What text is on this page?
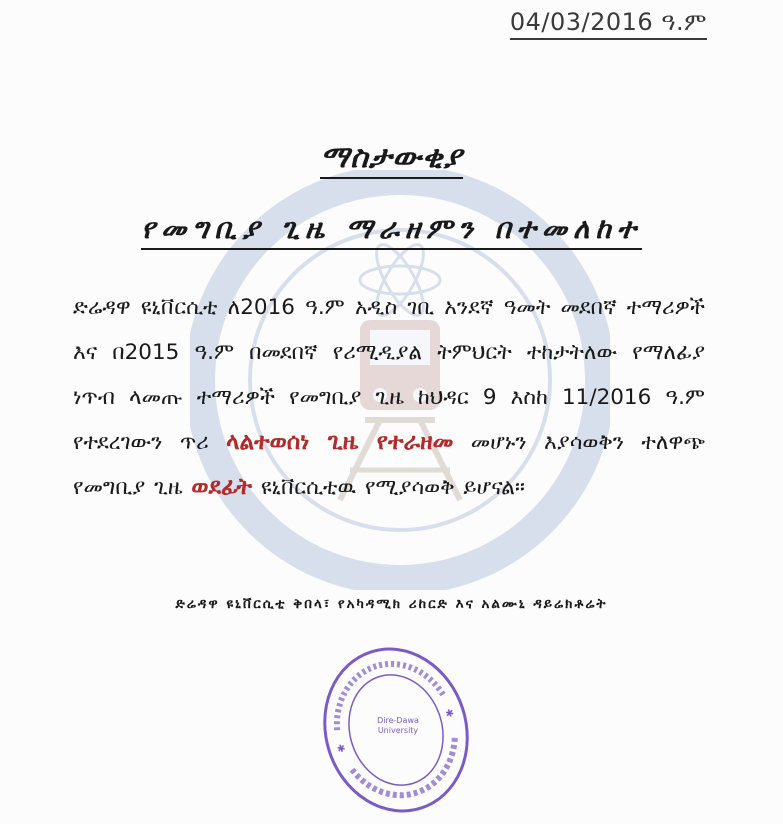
04/03/2016 ዓ.ም
ማስታውቂያ
የመግቢያ ጊዜ ማራዘምን በተመለከተ
ድሬዳዋ ዩኒቨርሲቲ ለ2016 ዓ.ም አዲስ ገቢ አንደኛ ዓመት መደበኛ ተማሪዎች እና በ2015 ዓ.ም በመደበኛ የሪሚዲያል ትምህርት ተከታትለው የማለፊያ ነጥብ ላመጡ ተማሪዎች የመግቢያ ጊዜ ከህዳር 9 እስከ 11/2016 ዓ.ም የተደረገውን ጥሪ ላልተወሰነ ጊዜ የተራዘመ መሆኑን እያሳወቅን ተለዋጭ የመግቢያ ጊዜ ወደፊት ዩኒቨርሲቲዉ የሚያሳወቅ ይሆናል።
ድሬዳዋ ዩኒቨርሲቲ ቅበላ፣ የአካዳሚክ ሪከርድ እና አልሙኒ ዳይሬክቶሬት
✱
✱
Dire-Dawa University
